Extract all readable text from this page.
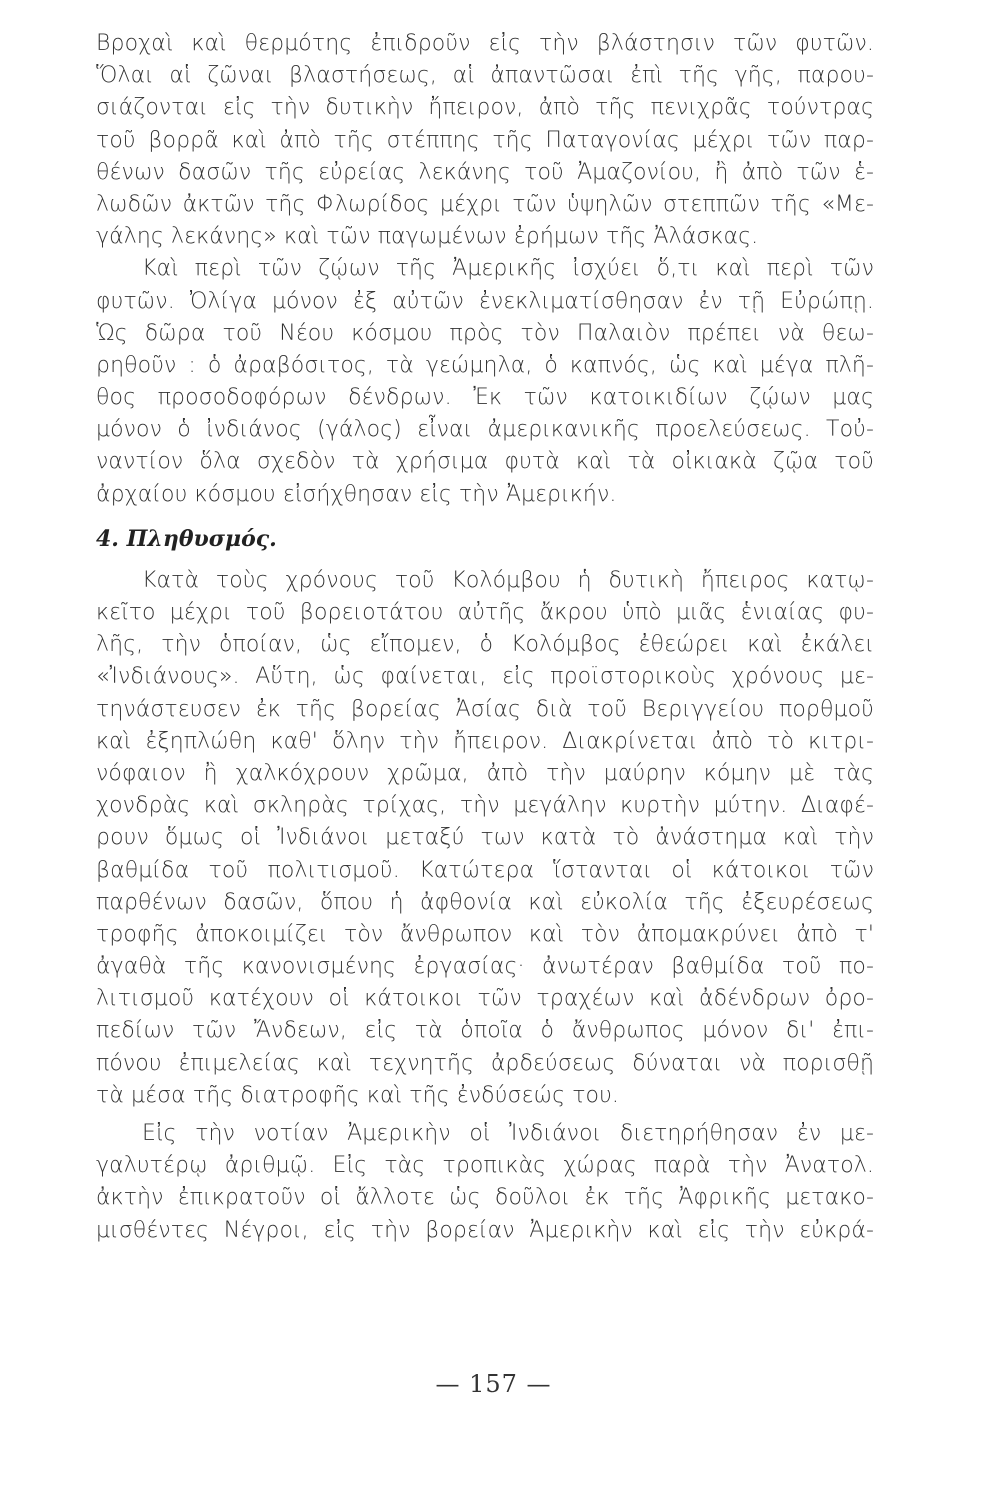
Βροχαὶ καὶ θερμότης ἐπιδροῦν εἰς τὴν βλάστησιν τῶν φυτῶν.
Ὅλαι αἱ ζῶναι βλαστήσεως, αἱ ἀπαντῶσαι ἐπὶ τῆς γῆς, παρου-
σιάζονται εἰς τὴν δυτικὴν ἤπειρον, ἀπὸ τῆς πενιχρᾶς τούντρας
τοῦ βορρᾶ καὶ ἀπὸ τῆς στέππης τῆς Παταγονίας μέχρι τῶν παρ-
θένων δασῶν τῆς εὐρείας λεκάνης τοῦ Ἀμαζονίου, ἢ ἀπὸ τῶν ἑ-
λωδῶν ἀκτῶν τῆς Φλωρίδος μέχρι τῶν ὑψηλῶν στεππῶν τῆς «Με-
γάλης λεκάνης» καὶ τῶν παγωμένων ἐρήμων τῆς Ἀλάσκας.
Καὶ περὶ τῶν ζῴων τῆς Ἀμερικῆς ἰσχύει ὅ,τι καὶ περὶ τῶν
φυτῶν. Ὀλίγα μόνον ἐξ αὐτῶν ἐνεκλιματίσθησαν ἐν τῇ Εὐρώπῃ.
Ὡς δῶρα τοῦ Νέου κόσμου πρὸς τὸν Παλαιὸν πρέπει νὰ θεω-
ρηθοῦν : ὁ ἀραβόσιτος, τὰ γεώμηλα, ὁ καπνός, ὡς καὶ μέγα πλῆ-
θος προσοδοφόρων δένδρων. Ἐκ τῶν κατοικιδίων ζῴων μας
μόνον ὁ ἰνδιάνος (γάλος) εἶναι ἀμερικανικῆς προελεύσεως. Τοὐ-
ναντίον ὅλα σχεδὸν τὰ χρήσιμα φυτὰ καὶ τὰ οἰκιακὰ ζῷα τοῦ
ἀρχαίου κόσμου εἰσήχθησαν εἰς τὴν Ἀμερικήν.
4. Πληθυσμός.
Κατὰ τοὺς χρόνους τοῦ Κολόμβου ἡ δυτικὴ ἤπειρος κατῳ-
κεῖτο μέχρι τοῦ βορειοτάτου αὐτῆς ἄκρου ὑπὸ μιᾶς ἑνιαίας φυ-
λῆς, τὴν ὁποίαν, ὡς εἴπομεν, ὁ Κολόμβος ἐθεώρει καὶ ἐκάλει
«Ἰνδιάνους». Αὕτη, ὡς φαίνεται, εἰς προϊστορικοὺς χρόνους με-
τηνάστευσεν ἐκ τῆς βορείας Ἀσίας διὰ τοῦ Βεριγγείου πορθμοῦ
καὶ ἐξηπλώθη καθ' ὅλην τὴν ἤπειρον. Διακρίνεται ἀπὸ τὸ κιτρι-
νόφαιον ἢ χαλκόχρουν χρῶμα, ἀπὸ τὴν μαύρην κόμην μὲ τὰς
χονδρὰς καὶ σκληρὰς τρίχας, τὴν μεγάλην κυρτὴν μύτην. Διαφέ-
ρουν ὅμως οἱ Ἰνδιάνοι μεταξύ των κατὰ τὸ ἀνάστημα καὶ τὴν
βαθμίδα τοῦ πολιτισμοῦ. Κατώτερα ἵστανται οἱ κάτοικοι τῶν
παρθένων δασῶν, ὅπου ἡ ἀφθονία καὶ εὐκολία τῆς ἐξευρέσεως
τροφῆς ἀποκοιμίζει τὸν ἄνθρωπον καὶ τὸν ἀπομακρύνει ἀπὸ τ'
ἀγαθὰ τῆς κανονισμένης ἐργασίας· ἀνωτέραν βαθμίδα τοῦ πο-
λιτισμοῦ κατέχουν οἱ κάτοικοι τῶν τραχέων καὶ ἀδένδρων ὀρο-
πεδίων τῶν Ἄνδεων, εἰς τὰ ὁποῖα ὁ ἄνθρωπος μόνον δι' ἐπι-
πόνου ἐπιμελείας καὶ τεχνητῆς ἀρδεύσεως δύναται νὰ πορισθῇ
τὰ μέσα τῆς διατροφῆς καὶ τῆς ἐνδύσεώς του.
Εἰς τὴν νοτίαν Ἀμερικὴν οἱ Ἰνδιάνοι διετηρήθησαν ἐν με-
γαλυτέρῳ ἀριθμῷ. Εἰς τὰς τροπικὰς χώρας παρὰ τὴν Ἀνατολ.
ἀκτὴν ἐπικρατοῦν οἱ ἄλλοτε ὡς δοῦλοι ἐκ τῆς Ἀφρικῆς μετακο-
μισθέντες Νέγροι, εἰς τὴν βορείαν Ἀμερικὴν καὶ εἰς τὴν εὐκρά-
— 157 —
